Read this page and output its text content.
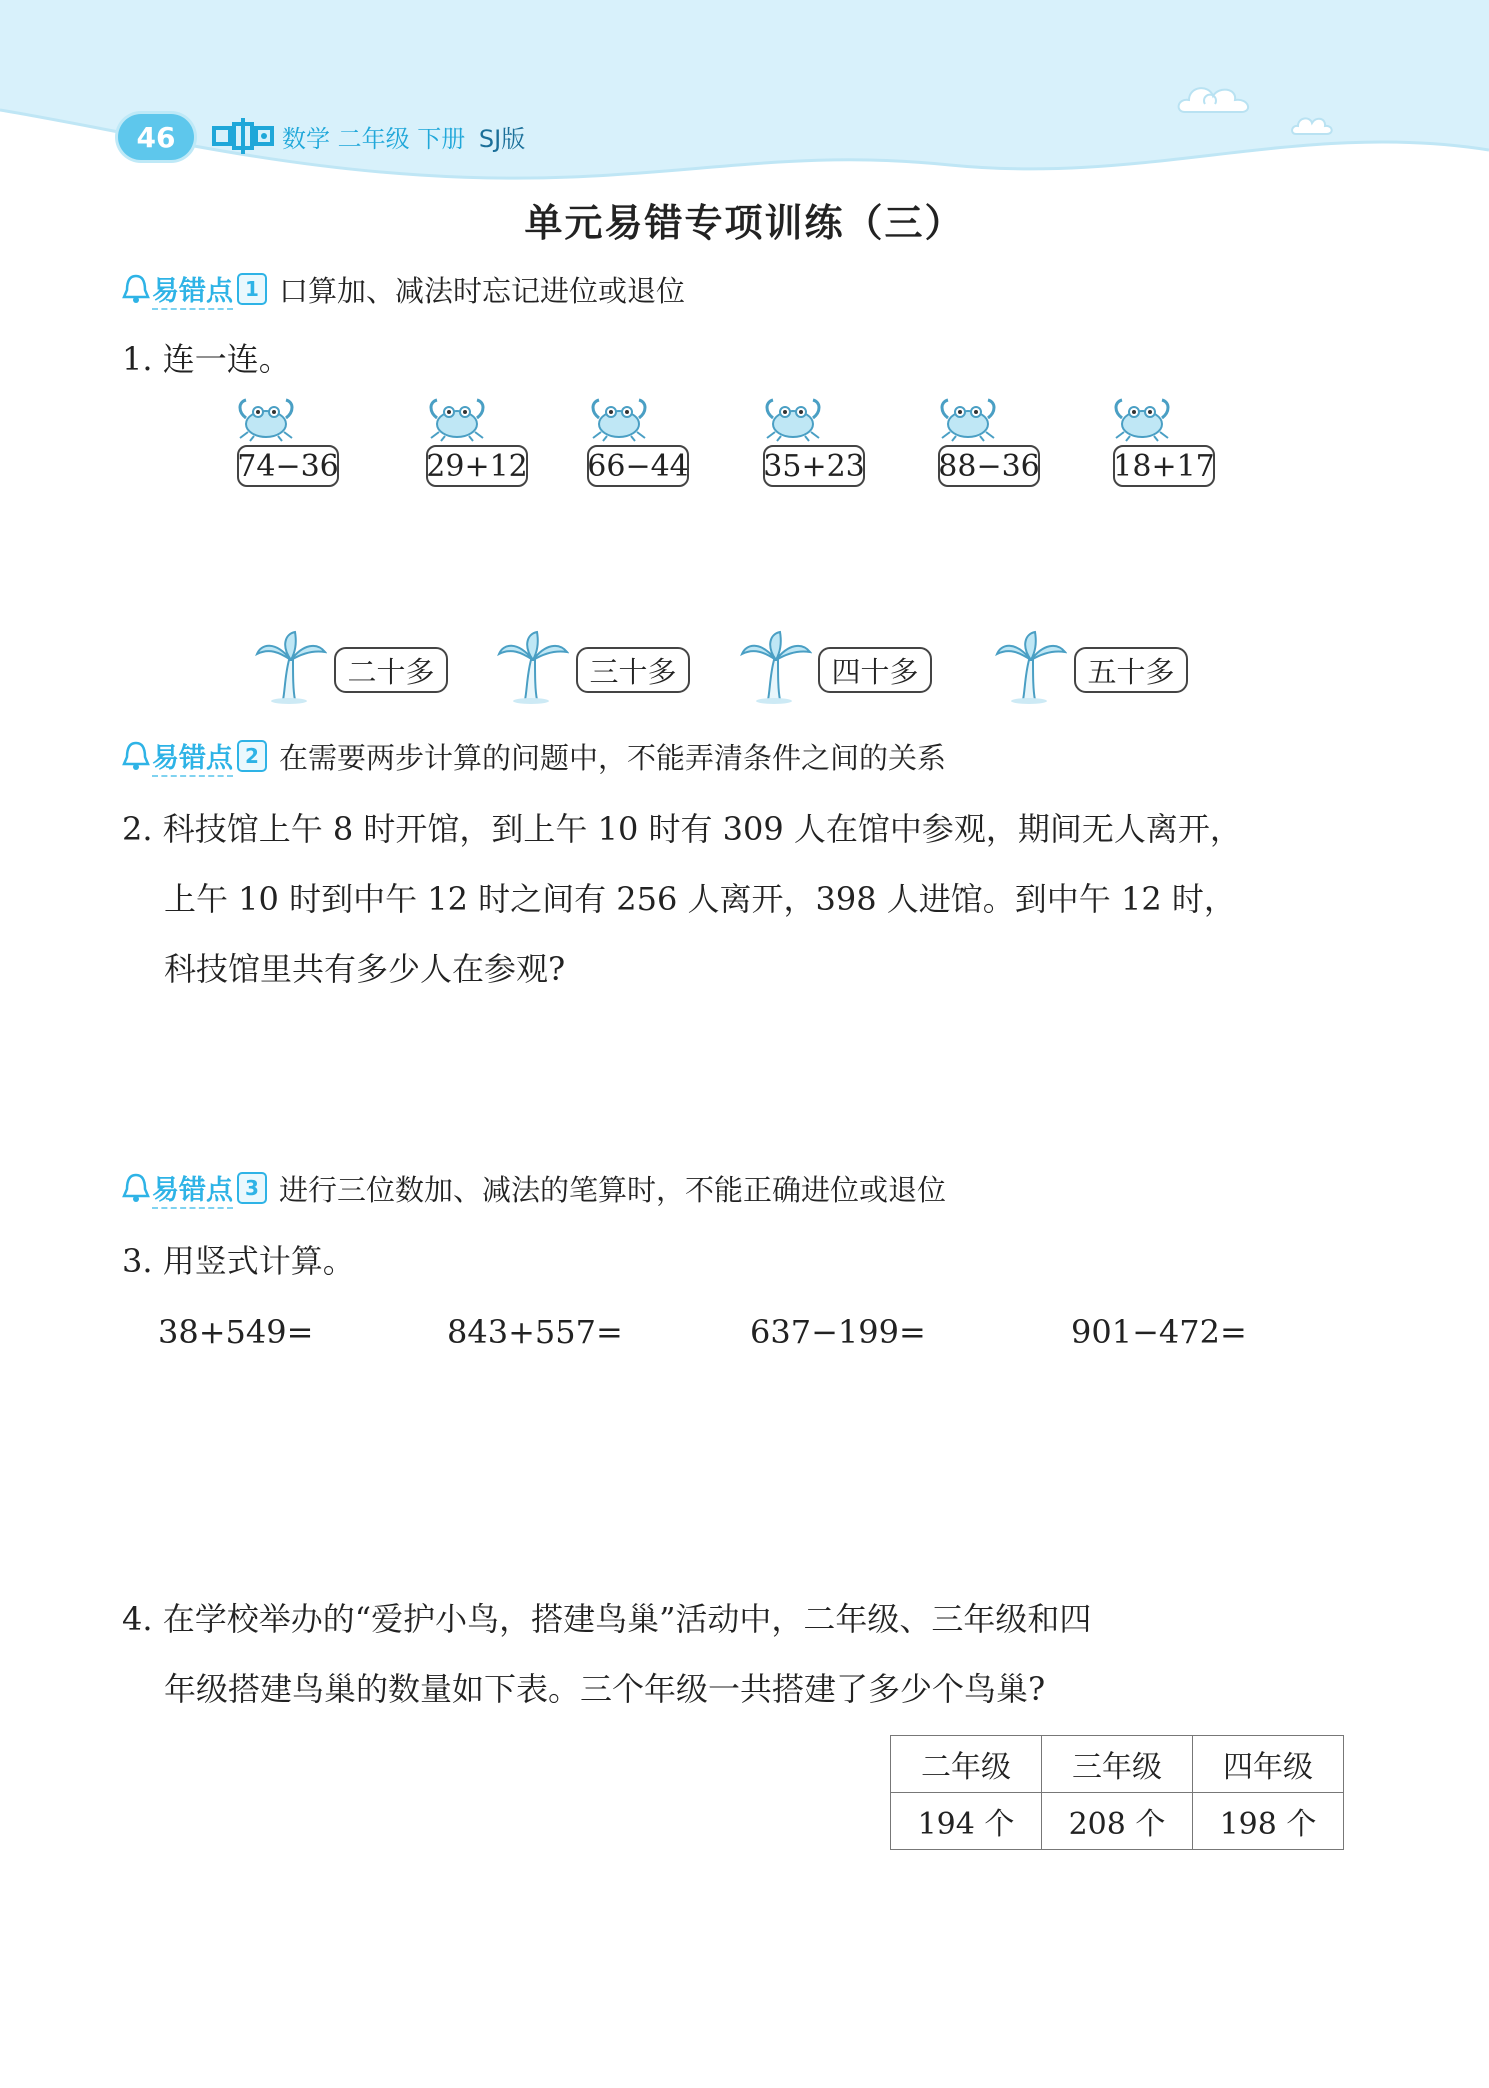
46	数学 二年级 下册 SJ版
单元易错专项训练（三）
易错点 1 口算加、减法时忘记进位或退位
1. 连一连。
74−36	29+12 66−44 35+23 88−36 18+17
二十多	三十多	四十多	五十多
易错点 2 在需要两步计算的问题中，不能弄清条件之间的关系
2. 科技馆上午 8 时开馆，到上午 10 时有 309 人在馆中参观，期间无人离开，
上午 10 时到中午 12 时之间有 256 人离开，398 人进馆。到中午 12 时，
科技馆里共有多少人在参观?
易错点 3 进行三位数加、减法的笔算时，不能正确进位或退位
3. 用竖式计算。
38+549=	843+557=	637−199=	901−472=
4. 在学校举办的“爱护小鸟，搭建鸟巢”活动中，二年级、三年级和四
年级搭建鸟巢的数量如下表。三个年级一共搭建了多少个鸟巢?
二年级	三年级	四年级
194 个	208 个	198 个
